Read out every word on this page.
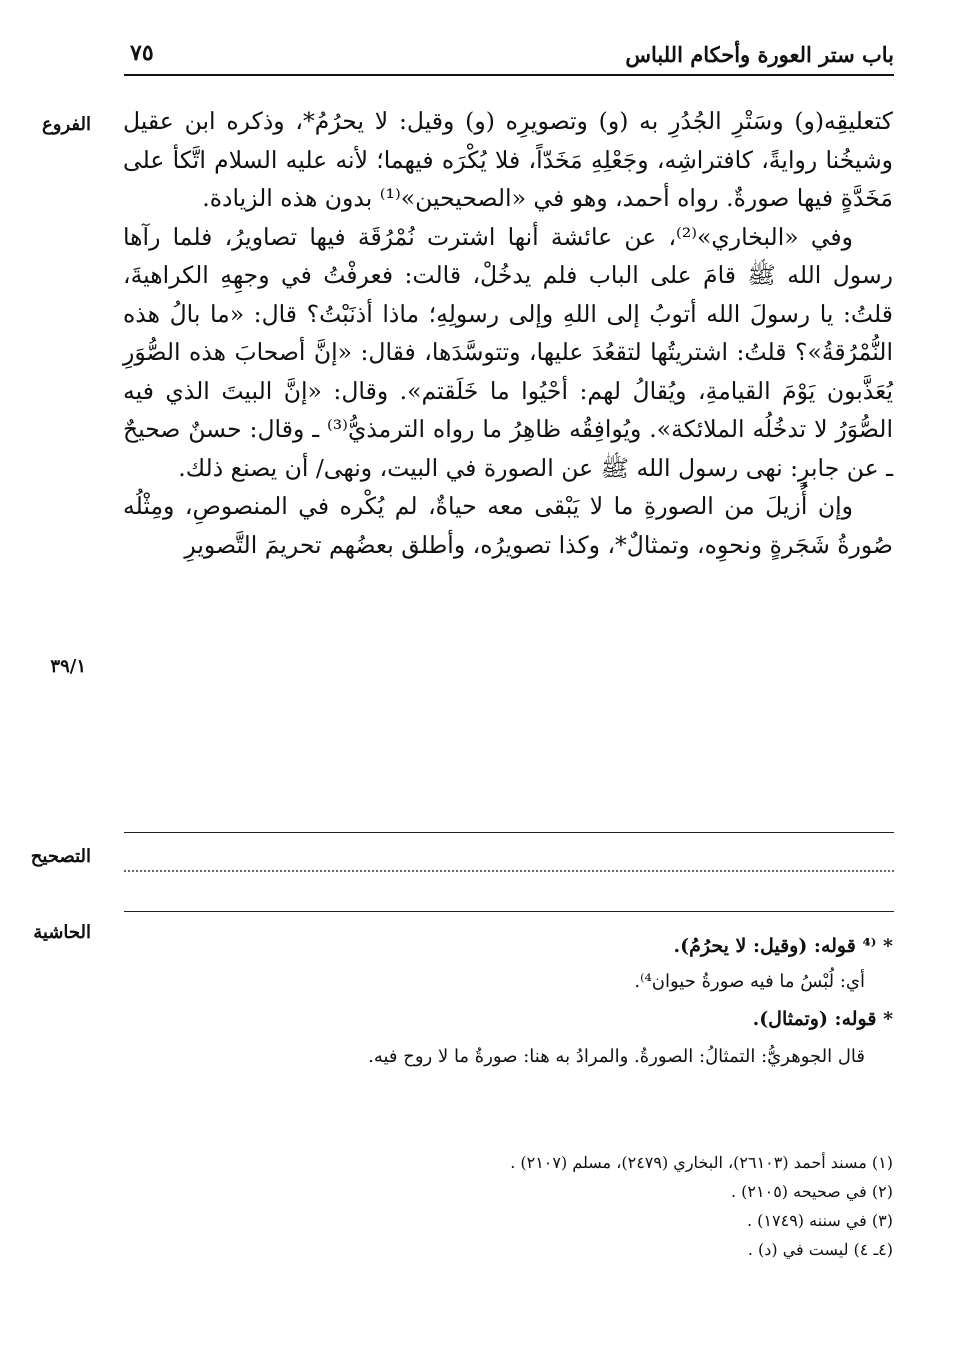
باب ستر العورة وأحكام اللباس
٧٥
الفروع
٣٩/١
التصحيح
الحاشية

كتعليقِه(و) وسَتْرِ الجُدُرِ به (و) وتصويرِه (و) وقيل: لا يحرُمُ*، وذكره ابن عقيل وشيخُنا روايةً، كافتراشِه، وجَعْلِهِ مَخَدّاً، فلا يُكْرَه فيهما؛ لأنه عليه السلام اتَّكأ على مَخَدَّةٍ فيها صورةٌ. رواه أحمد، وهو في «الصحيحين»⁽¹⁾ بدون هذه الزيادة.

وفي «البخاري»⁽²⁾، عن عائشة أنها اشترت نُمْرُقَة فيها تصاويرُ، فلما رآها رسول الله ﷺ قامَ على الباب فلم يدخُلْ، قالت: فعرفْتُ في وجهِهِ الكراهيةَ، قلتُ: يا رسولَ الله أتوبُ إلى اللهِ وإلى رسولِهِ؛ ماذا أذنَبْتُ؟ قال: «ما بالُ هذه النُّمْرُقةُ»؟ قلتُ: اشتريتُها لتقعُدَ عليها، وتتوسَّدَها، فقال: «إنَّ أصحابَ هذه الصُّوَرِ يُعَذَّبون يَوْمَ القيامةِ، ويُقالُ لهم: أحْيُوا ما خَلَقتم». وقال: «إنَّ البيتَ الذي فيه الصُّوَرُ لا تدخُلُه الملائكة». ويُوافِقُه ظاهِرُ ما رواه الترمذيُّ⁽³⁾ ـ وقال: حسنٌ صحيحٌ ـ عن جابرٍ: نهى رسول الله ﷺ عن الصورة في البيت، ونهى/ أن يصنع ذلك.

وإن أُزيلَ من الصورةِ ما لا يَبْقى معه حياةٌ، لم يُكْره في المنصوصِ، ومِثْلُه صُورةُ شَجَرةٍ ونحوِه، وتمثالٌ*، وكذا تصويرُه، وأطلق بعضُهم تحريمَ التَّصويرِ

* ⁽⁴ قوله: (وقيل: لا يحرُمُ).

أي: لُبْسُ ما فيه صورةُ حيوان⁴⁾.

* قوله: (وتمثال).

قال الجوهريُّ: التمثالُ: الصورةُ. والمرادُ به هنا: صورةُ ما لا روح فيه.

(١) مسند أحمد (٢٦١٠٣)، البخاري (٢٤٧٩)، مسلم (٢١٠٧) .
(٢) في صحيحه (٢١٠٥) .
(٣) في سننه (١٧٤٩) .
(٤ـ ٤) ليست في (د) .
